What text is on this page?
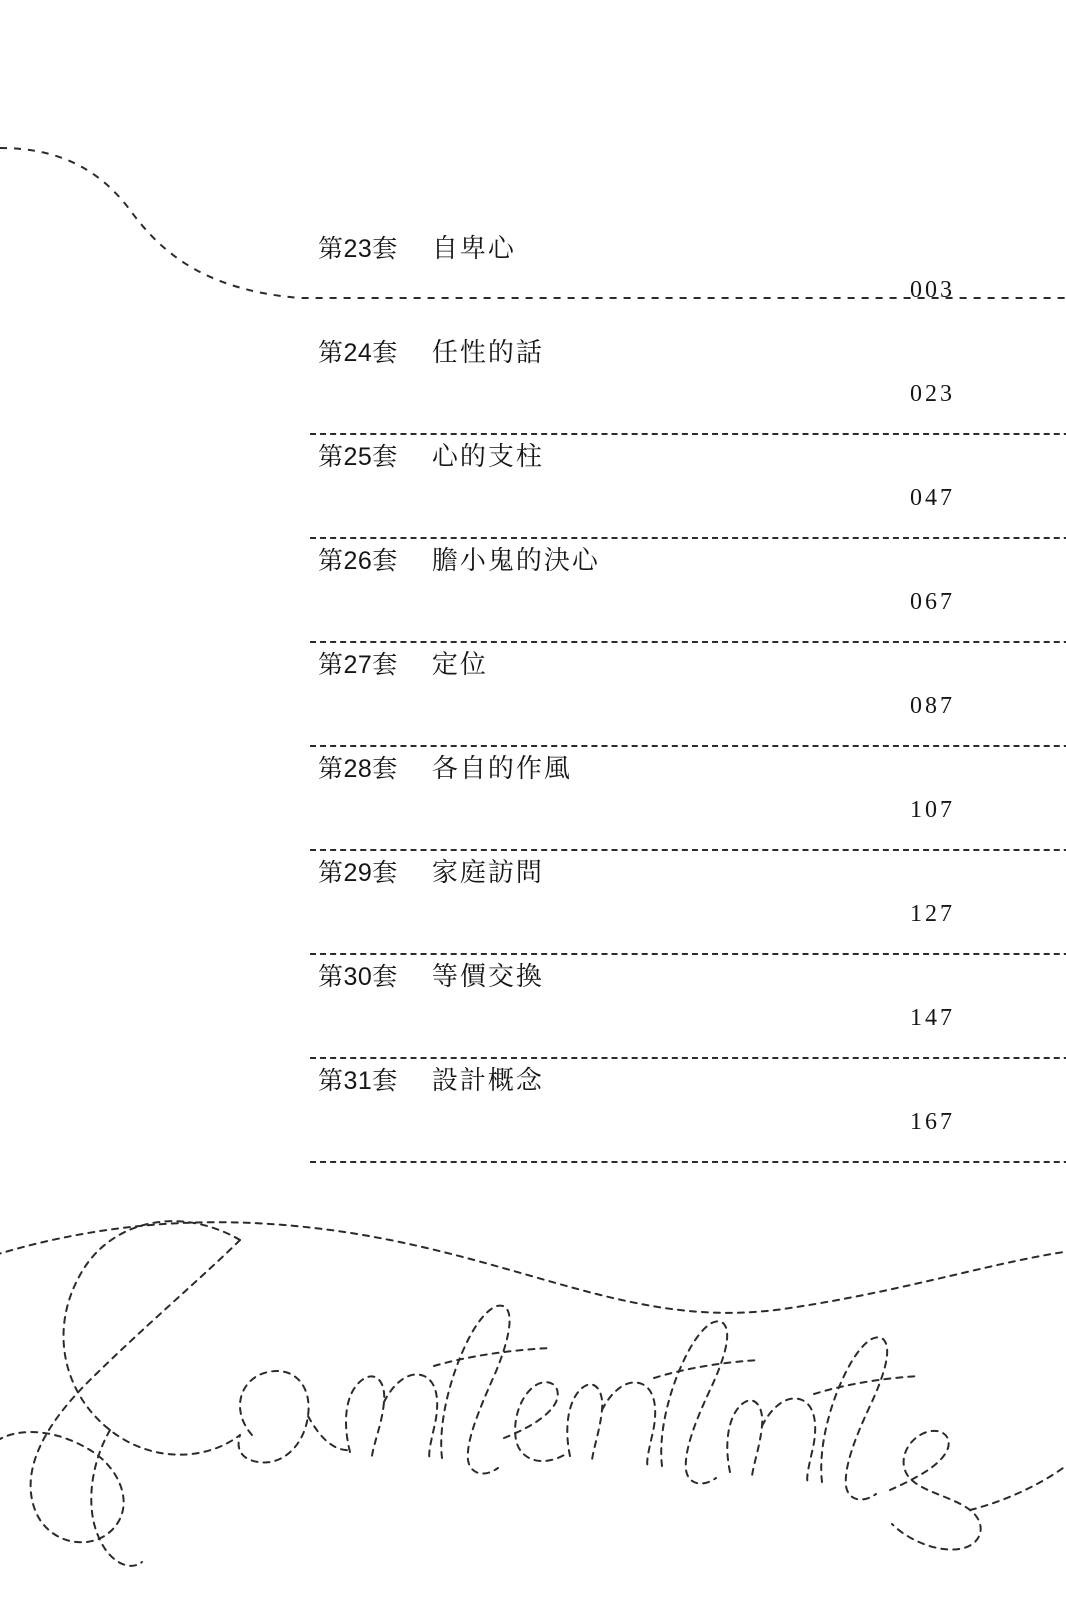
第23套 自卑心
003
第24套 任性的話
023
第25套 心的支柱
047
第26套 膽小鬼的決心
067
第27套 定位
087
第28套 各自的作風
107
第29套 家庭訪問
127
第30套 等價交換
147
第31套 設計概念
167
